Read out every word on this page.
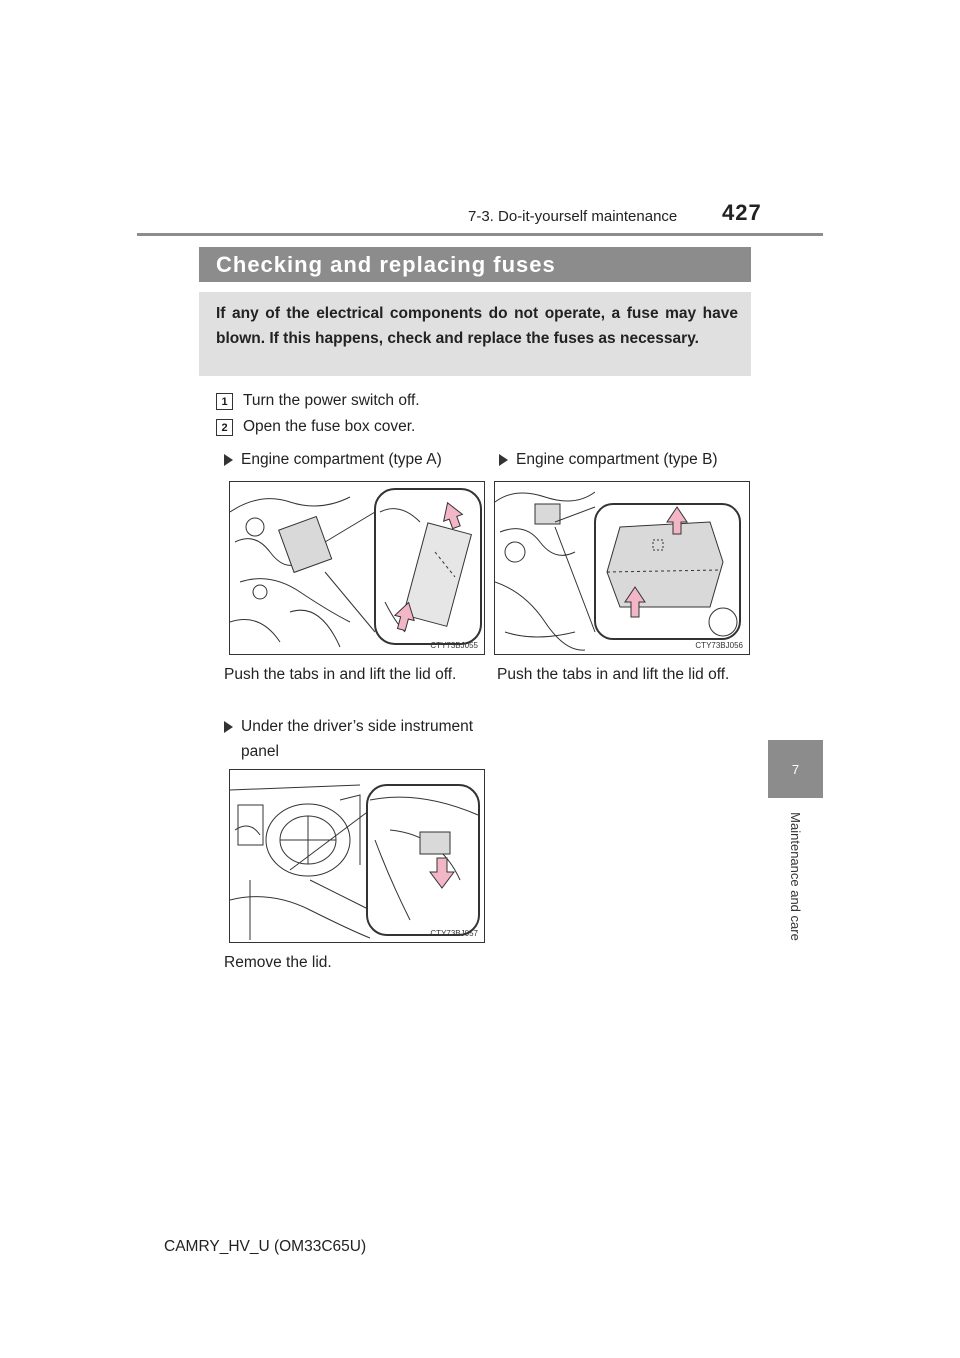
7-3. Do-it-yourself maintenance 427
7
Maintenance and care
Checking and replacing fuses
If any of the electrical components do not operate, a fuse may have blown. If this happens, check and replace the fuses as necessary.
1 Turn the power switch off.
2 Open the fuse box cover.
Engine compartment (type A)	Engine compartment (type B)
CTY73BJ055	CTY73BJ056
Push the tabs in and lift the lid off.	Push the tabs in and lift the lid off.
Under the driver’s side instrument panel
CTY73BJ057
Remove the lid.
CAMRY_HV_U (OM33C65U)
